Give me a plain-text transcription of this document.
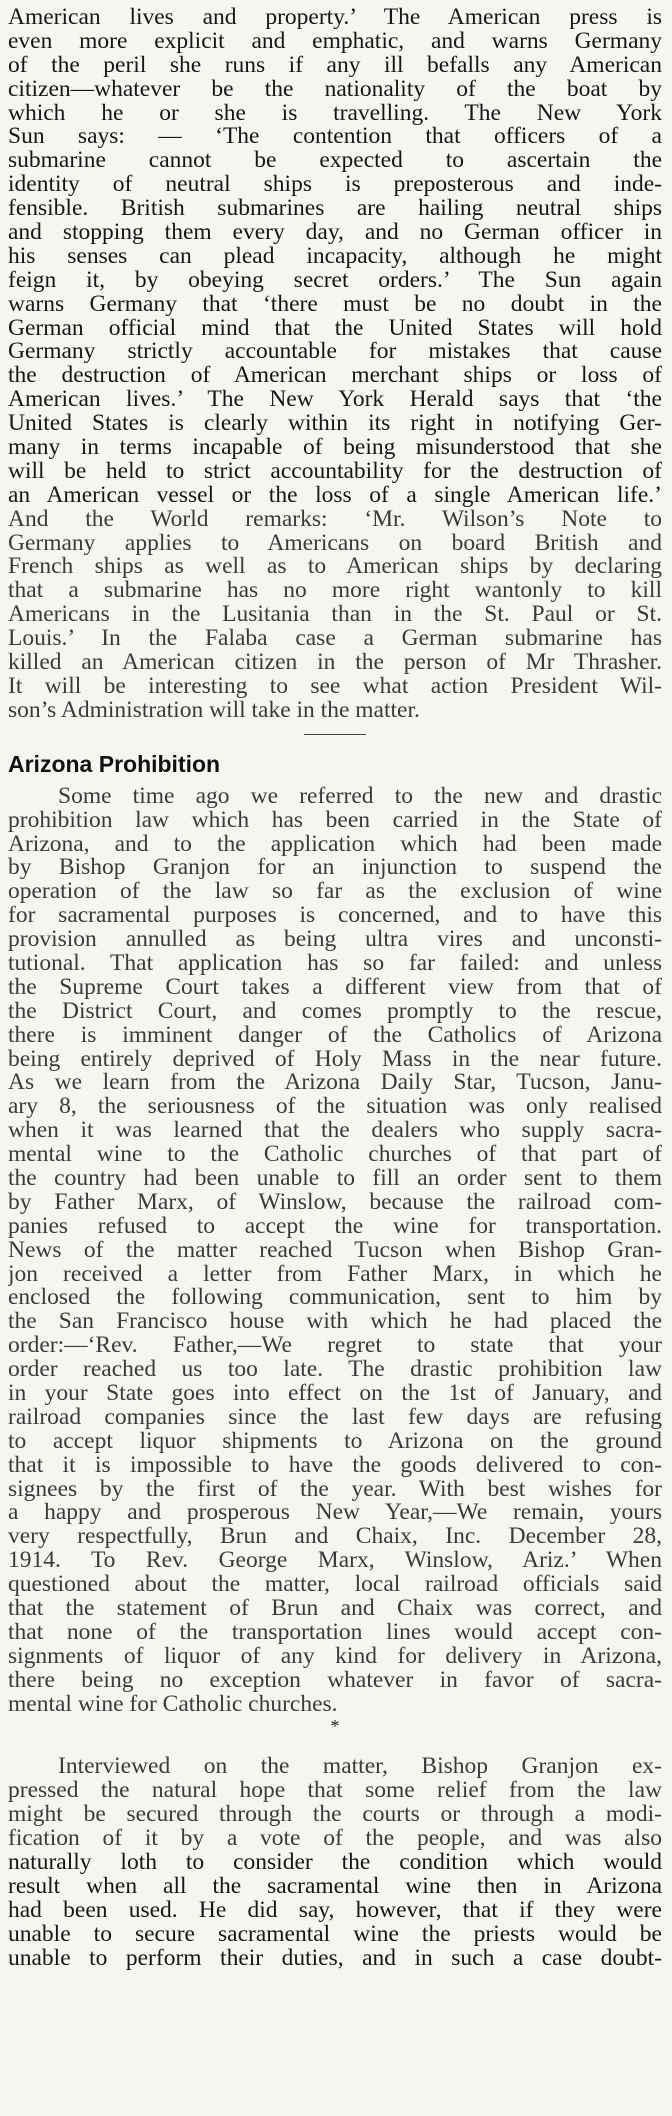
American lives and property.’ The American press is
even more explicit and emphatic, and warns Germany
of the peril she runs if any ill befalls any American
citizen—whatever be the nationality of the boat by
which he or she is travelling. The New York
Sun says: — ‘The contention that officers of a
submarine cannot be expected to ascertain the
identity of neutral ships is preposterous and inde-
fensible. British submarines are hailing neutral ships
and stopping them every day, and no German officer in
his senses can plead incapacity, although he might
feign it, by obeying secret orders.’ The Sun again
warns Germany that ‘there must be no doubt in the
German official mind that the United States will hold
Germany strictly accountable for mistakes that cause
the destruction of American merchant ships or loss of
American lives.’ The New York Herald says that ‘the
United States is clearly within its right in notifying Ger-
many in terms incapable of being misunderstood that she
will be held to strict accountability for the destruction of
an American vessel or the loss of a single American life.’
And the World remarks: ‘Mr. Wilson’s Note to
Germany applies to Americans on board British and
French ships as well as to American ships by declaring
that a submarine has no more right wantonly to kill
Americans in the Lusitania than in the St. Paul or St.
Louis.’ In the Falaba case a German submarine has
killed an American citizen in the person of Mr Thrasher.
It will be interesting to see what action President Wil-
son’s Administration will take in the matter.
Arizona Prohibition
Some time ago we referred to the new and drastic
prohibition law which has been carried in the State of
Arizona, and to the application which had been made
by Bishop Granjon for an injunction to suspend the
operation of the law so far as the exclusion of wine
for sacramental purposes is concerned, and to have this
provision annulled as being ultra vires and unconsti-
tutional. That application has so far failed: and unless
the Supreme Court takes a different view from that of
the District Court, and comes promptly to the rescue,
there is imminent danger of the Catholics of Arizona
being entirely deprived of Holy Mass in the near future.
As we learn from the Arizona Daily Star, Tucson, Janu-
ary 8, the seriousness of the situation was only realised
when it was learned that the dealers who supply sacra-
mental wine to the Catholic churches of that part of
the country had been unable to fill an order sent to them
by Father Marx, of Winslow, because the railroad com-
panies refused to accept the wine for transportation.
News of the matter reached Tucson when Bishop Gran-
jon received a letter from Father Marx, in which he
enclosed the following communication, sent to him by
the San Francisco house with which he had placed the
order:—‘Rev. Father,—We regret to state that your
order reached us too late. The drastic prohibition law
in your State goes into effect on the 1st of January, and
railroad companies since the last few days are refusing
to accept liquor shipments to Arizona on the ground
that it is impossible to have the goods delivered to con-
signees by the first of the year. With best wishes for
a happy and prosperous New Year,—We remain, yours
very respectfully, Brun and Chaix, Inc. December 28,
1914. To Rev. George Marx, Winslow, Ariz.’ When
questioned about the matter, local railroad officials said
that the statement of Brun and Chaix was correct, and
that none of the transportation lines would accept con-
signments of liquor of any kind for delivery in Arizona,
there being no exception whatever in favor of sacra-
mental wine for Catholic churches.
*
Interviewed on the matter, Bishop Granjon ex-
pressed the natural hope that some relief from the law
might be secured through the courts or through a modi-
fication of it by a vote of the people, and was also
naturally loth to consider the condition which would
result when all the sacramental wine then in Arizona
had been used. He did say, however, that if they were
unable to secure sacramental wine the priests would be
unable to perform their duties, and in such a case doubt-
